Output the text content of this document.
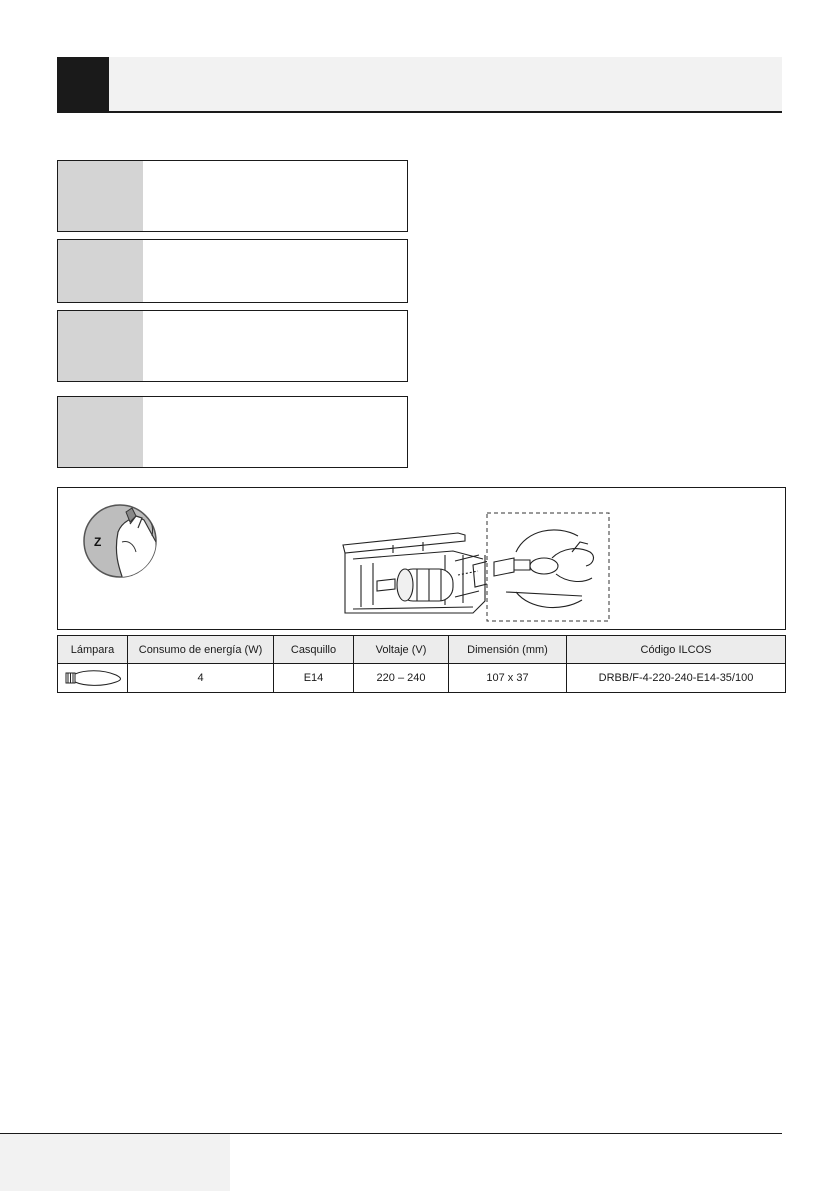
Z
Lámpara	Consumo de energía (W)	Casquillo	Voltaje (V)	Dimensión (mm)	Código ILCOS

	4	E14	220 – 240	107 x 37	DRBB/F-4-220-240-E14-35/100
